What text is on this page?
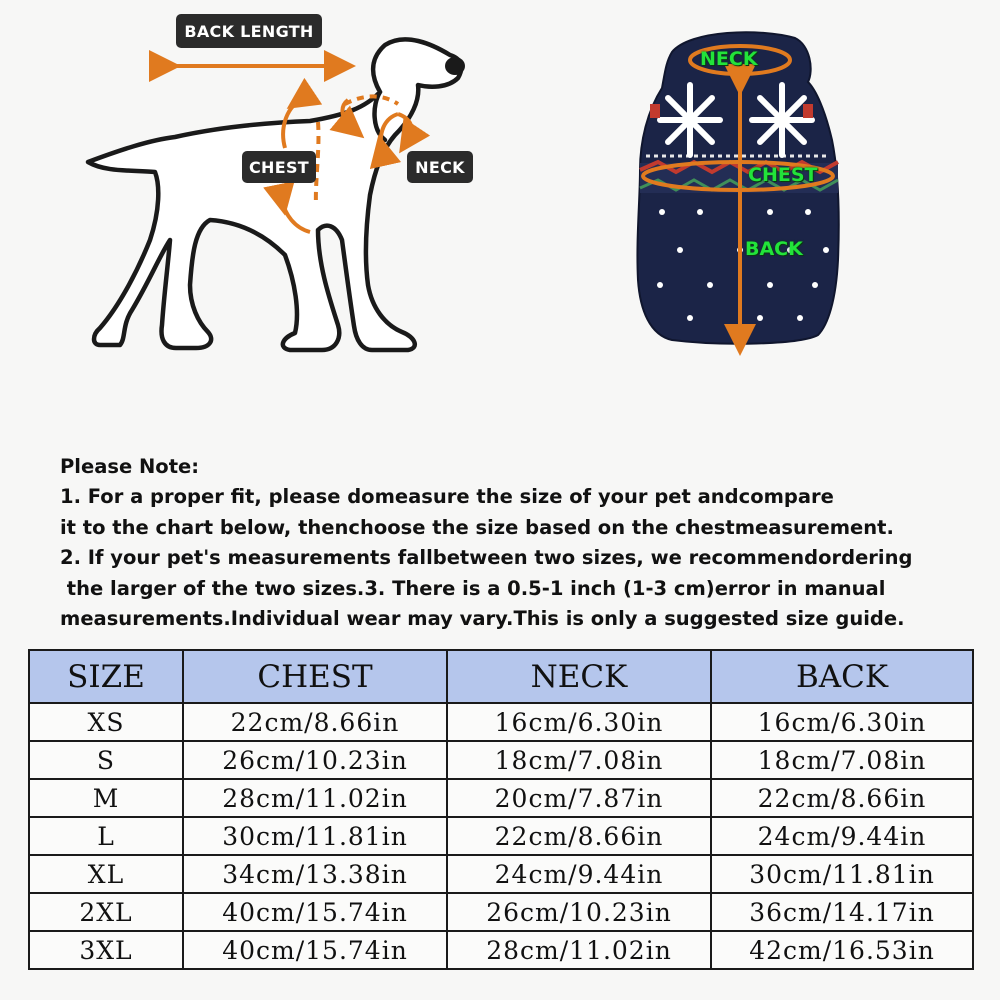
BACK LENGTH
CHEST	NECK
NECK
CHEST
BACK
Please Note:
1. For a proper fit, please domeasure the size of your pet andcompare
it to the chart below, thenchoose the size based on the chestmeasurement.
2. If your pet's measurements fallbetween two sizes, we recommendordering
the larger of the two sizes.3. There is a 0.5-1 inch (1-3 cm)error in manual
measurements.Individual wear may vary.This is only a suggested size guide.
SIZE	CHEST	NECK	BACK
XS	22cm/8.66in	16cm/6.30in	16cm/6.30in
S	26cm/10.23in	18cm/7.08in	18cm/7.08in
M	28cm/11.02in	20cm/7.87in	22cm/8.66in
L	30cm/11.81in	22cm/8.66in	24cm/9.44in
XL	34cm/13.38in	24cm/9.44in	30cm/11.81in
2XL	40cm/15.74in	26cm/10.23in	36cm/14.17in
3XL	40cm/15.74in	28cm/11.02in	42cm/16.53in
